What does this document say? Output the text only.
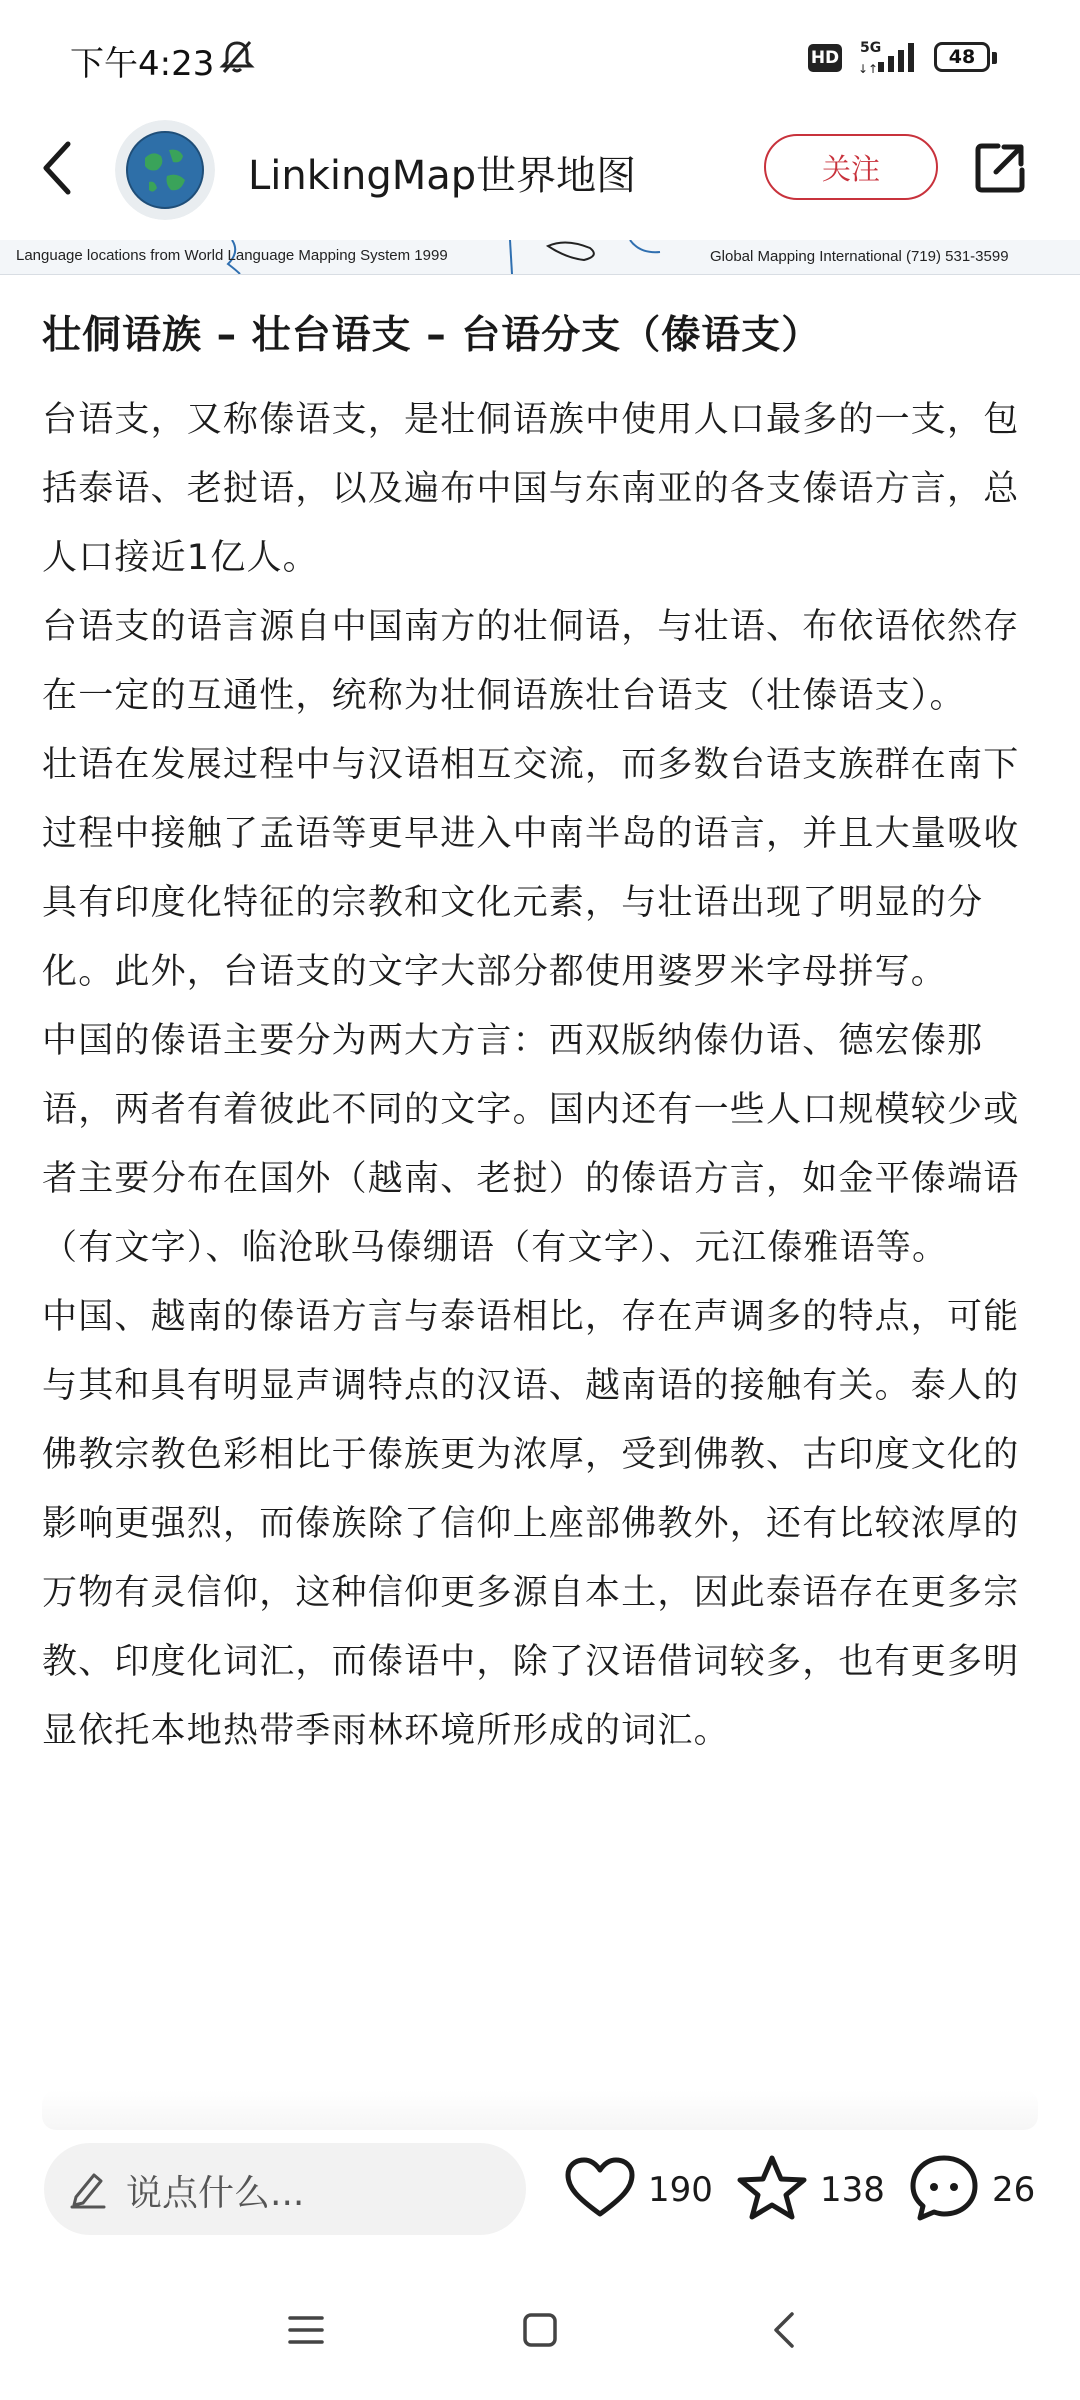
下午4:23	HD 5G
↓↑
48
LinkingMap世界地图	关注
Language locations from World Language Mapping System 1999	Global Mapping International (719) 531-3599
壮侗语族 – 壮台语支 – 台语分支（傣语支）

台语支，又称傣语支，是壮侗语族中使用人口最多的一支，包括泰语、老挝语，以及遍布中国与东南亚的各支傣语方言，总人口接近1亿人。

台语支的语言源自中国南方的壮侗语，与壮语、布依语依然存在一定的互通性，统称为壮侗语族壮台语支（壮傣语支）。

壮语在发展过程中与汉语相互交流，而多数台语支族群在南下过程中接触了孟语等更早进入中南半岛的语言，并且大量吸收具有印度化特征的宗教和文化元素，与壮语出现了明显的分化。此外，台语支的文字大部分都使用婆罗米字母拼写。

中国的傣语主要分为两大方言：西双版纳傣仂语、德宏傣那语，两者有着彼此不同的文字。国内还有一些人口规模较少或者主要分布在国外（越南、老挝）的傣语方言，如金平傣端语（有文字）、临沧耿马傣绷语（有文字）、元江傣雅语等。

中国、越南的傣语方言与泰语相比，存在声调多的特点，可能与其和具有明显声调特点的汉语、越南语的接触有关。泰人的佛教宗教色彩相比于傣族更为浓厚，受到佛教、古印度文化的影响更强烈，而傣族除了信仰上座部佛教外，还有比较浓厚的万物有灵信仰，这种信仰更多源自本土，因此泰语存在更多宗教、印度化词汇，而傣语中，除了汉语借词较多，也有更多明显依托本地热带季雨林环境所形成的词汇。

说点什么...	190	138	26
